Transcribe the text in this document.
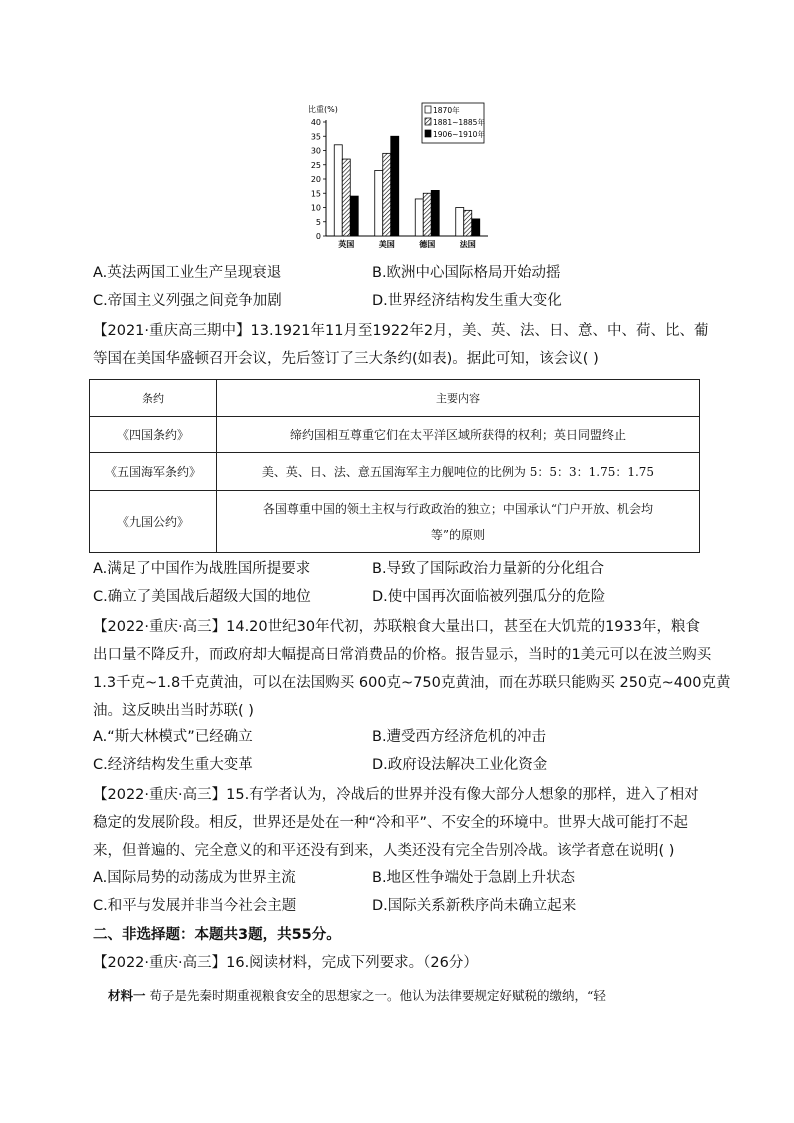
比重(%)
0
5
10
15
20
25
30
35
40
英国	美国	德国	法国
1870年
1881~1885年
1906~1910年
A.英法两国工业生产呈现衰退	B.欧洲中心国际格局开始动摇
C.帝国主义列强之间竞争加剧	D.世界经济结构发生重大变化
【2021·重庆高三期中】13.1921年11月至1922年2月，美、英、法、日、意、中、荷、比、葡
等国在美国华盛顿召开会议，先后签订了三大条约(如表)。据此可知，该会议( )
条约	主要内容
《四国条约》	缔约国相互尊重它们在太平洋区域所获得的权利；英日同盟终止
《五国海军条约》	美、英、日、法、意五国海军主力舰吨位的比例为 5：5：3：1.75：1.75
《九国公约》	各国尊重中国的领土主权与行政政治的独立；中国承认“门户开放、机会均
等”的原则
A.满足了中国作为战胜国所提要求	B.导致了国际政治力量新的分化组合
C.确立了美国战后超级大国的地位	D.使中国再次面临被列强瓜分的危险
【2022·重庆·高三】14.20世纪30年代初，苏联粮食大量出口，甚至在大饥荒的1933年，粮食
出口量不降反升，而政府却大幅提高日常消费品的价格。报告显示，当时的1美元可以在波兰购买
1.3千克~1.8千克黄油，可以在法国购买 600克~750克黄油，而在苏联只能购买 250克~400克黄
油。这反映出当时苏联( )
A.“斯大林模式”已经确立	B.遭受西方经济危机的冲击
C.经济结构发生重大变革	D.政府设法解决工业化资金
【2022·重庆·高三】15.有学者认为，冷战后的世界并没有像大部分人想象的那样，进入了相对
稳定的发展阶段。相反，世界还是处在一种“冷和平”、不安全的环境中。世界大战可能打不起
来，但普遍的、完全意义的和平还没有到来，人类还没有完全告别冷战。该学者意在说明( )
A.国际局势的动荡成为世界主流	B.地区性争端处于急剧上升状态
C.和平与发展并非当今社会主题	D.国际关系新秩序尚未确立起来
二、非选择题：本题共3题，共55分。
【2022·重庆·高三】16.阅读材料，完成下列要求。（26分）
材料一 荀子是先秦时期重视粮食安全的思想家之一。他认为法律要规定好赋税的缴纳，“轻
